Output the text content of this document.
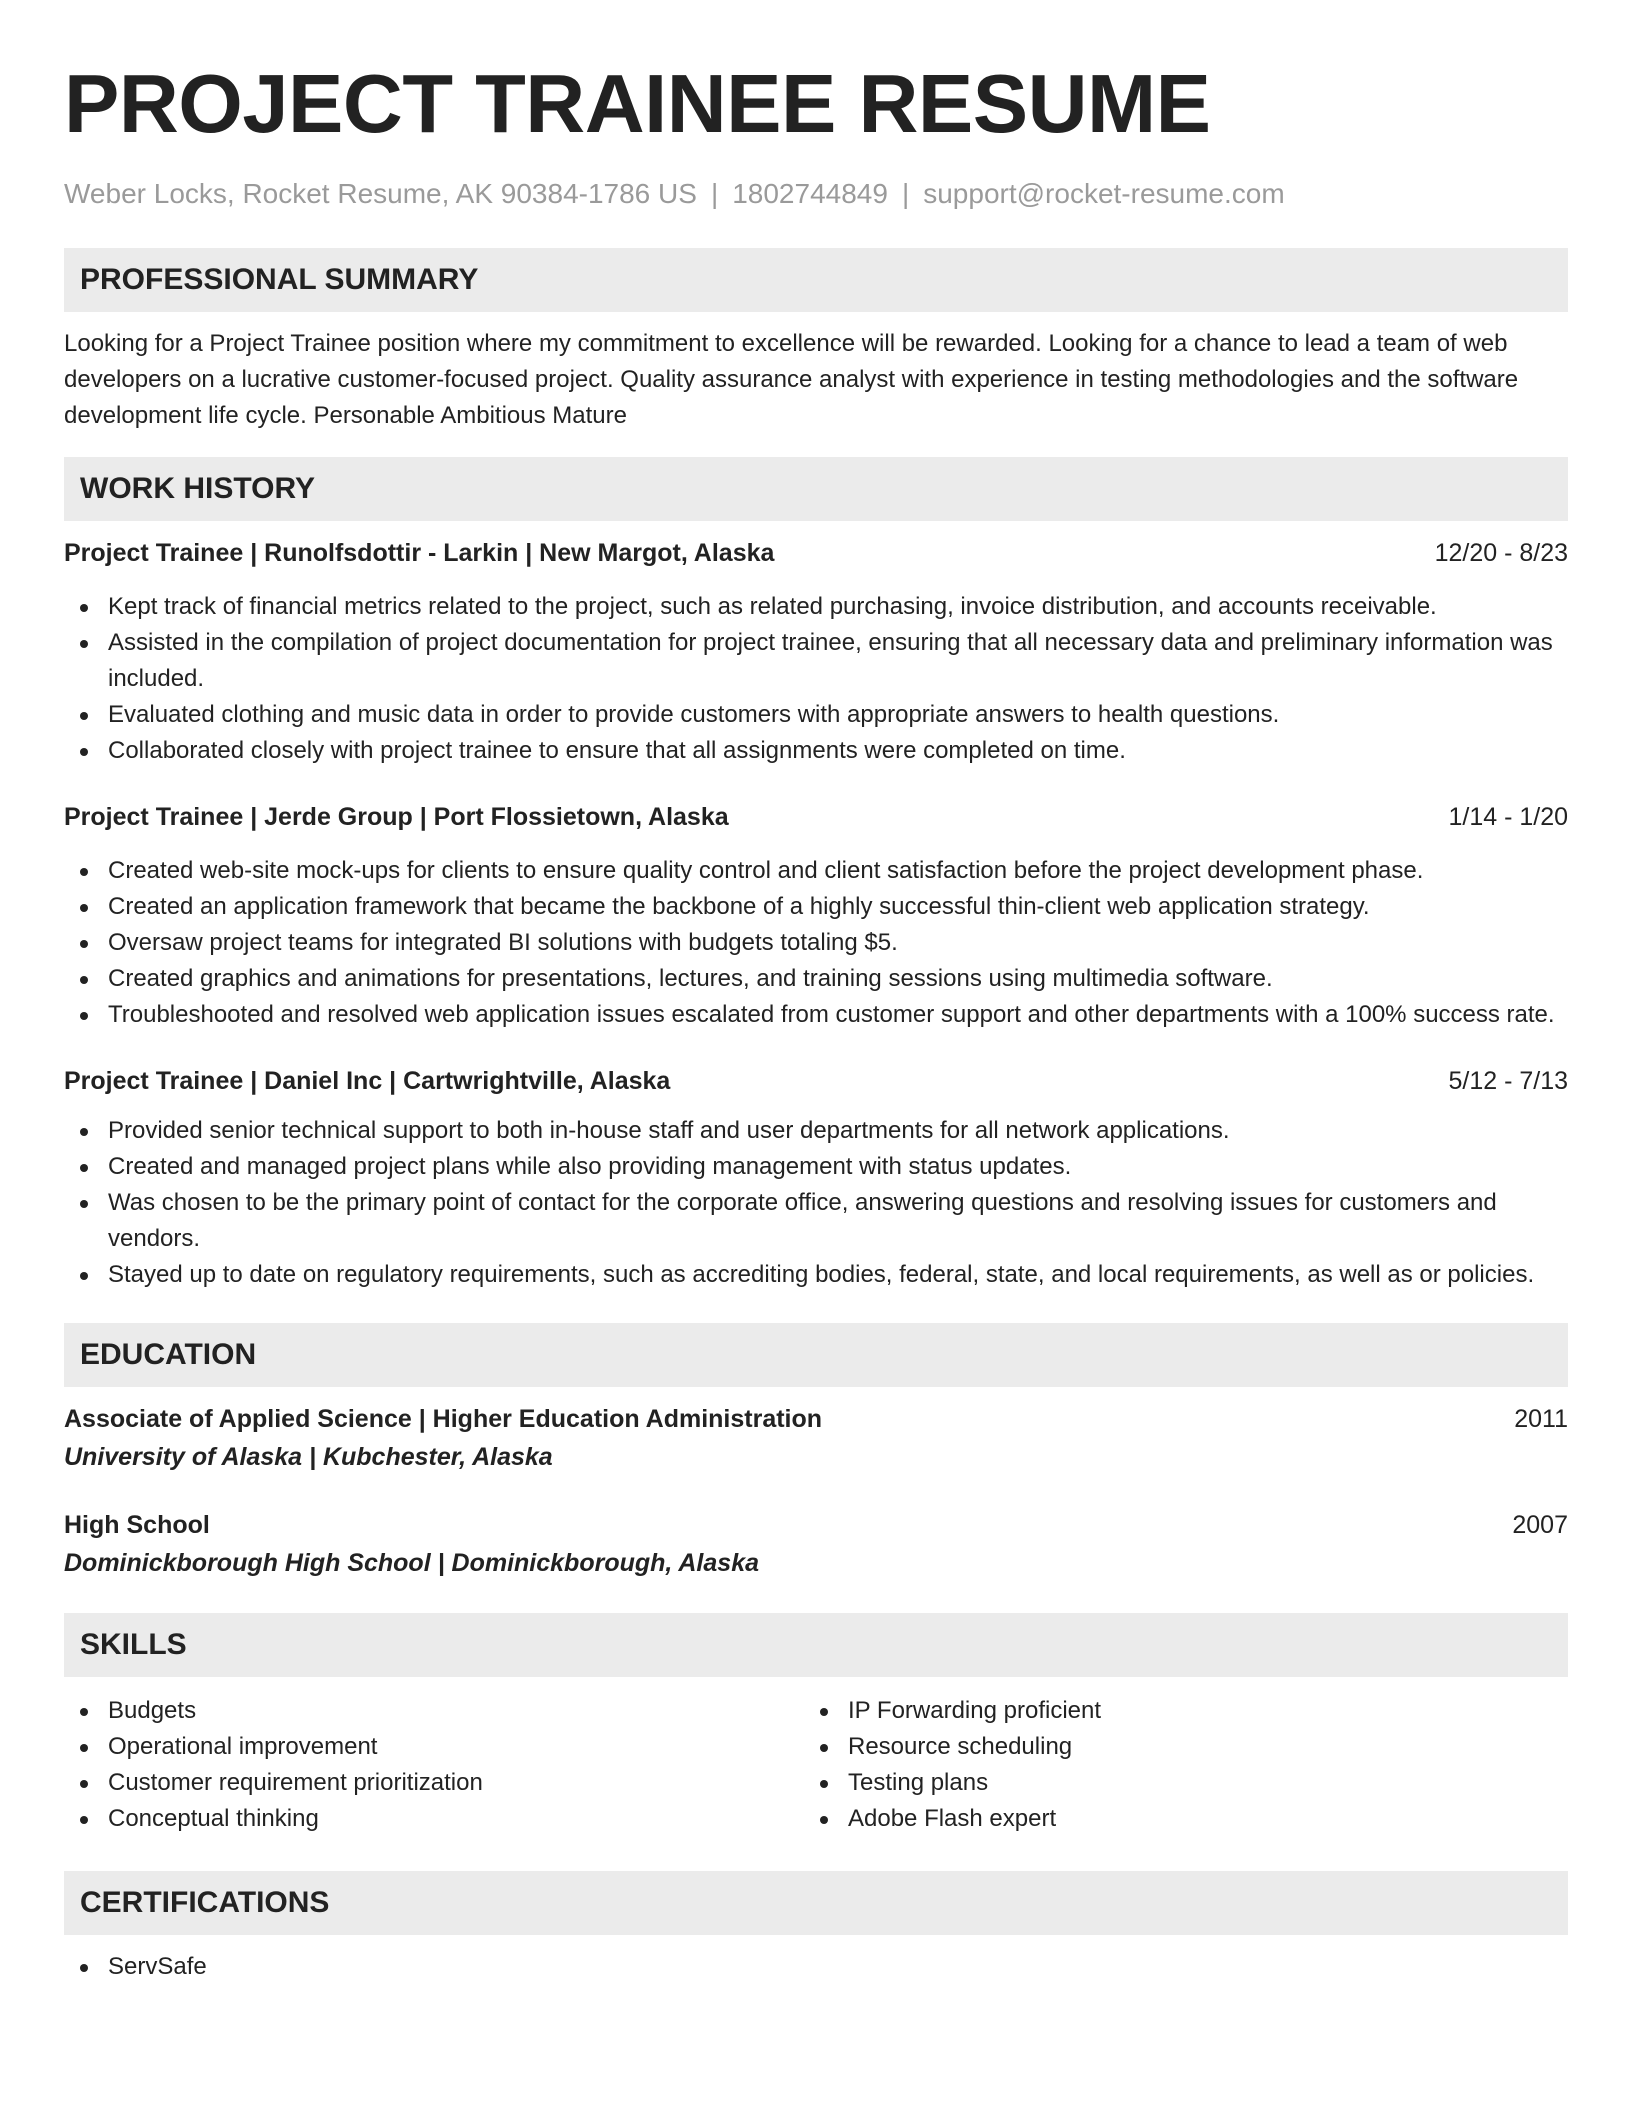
PROJECT TRAINEE RESUME
Weber Locks, Rocket Resume, AK 90384-1786 US | 1802744849 | support@rocket-resume.com
PROFESSIONAL SUMMARY
Looking for a Project Trainee position where my commitment to excellence will be rewarded. Looking for a chance to lead a team of web developers on a lucrative customer-focused project. Quality assurance analyst with experience in testing methodologies and the software development life cycle. Personable Ambitious Mature
WORK HISTORY
Project Trainee | Runolfsdottir - Larkin | New Margot, Alaska	12/20 - 8/23
Kept track of financial metrics related to the project, such as related purchasing, invoice distribution, and accounts receivable.
Assisted in the compilation of project documentation for project trainee, ensuring that all necessary data and preliminary information was included.
Evaluated clothing and music data in order to provide customers with appropriate answers to health questions.
Collaborated closely with project trainee to ensure that all assignments were completed on time.
Project Trainee | Jerde Group | Port Flossietown, Alaska	1/14 - 1/20
Created web-site mock-ups for clients to ensure quality control and client satisfaction before the project development phase.
Created an application framework that became the backbone of a highly successful thin-client web application strategy.
Oversaw project teams for integrated BI solutions with budgets totaling $5.
Created graphics and animations for presentations, lectures, and training sessions using multimedia software.
Troubleshooted and resolved web application issues escalated from customer support and other departments with a 100% success rate.
Project Trainee | Daniel Inc | Cartwrightville, Alaska	5/12 - 7/13
Provided senior technical support to both in-house staff and user departments for all network applications.
Created and managed project plans while also providing management with status updates.
Was chosen to be the primary point of contact for the corporate office, answering questions and resolving issues for customers and vendors.
Stayed up to date on regulatory requirements, such as accrediting bodies, federal, state, and local requirements, as well as or policies.
EDUCATION
Associate of Applied Science | Higher Education Administration	2011
University of Alaska | Kubchester, Alaska
High School	2007
Dominickborough High School | Dominickborough, Alaska
SKILLS
Budgets
Operational improvement
Customer requirement prioritization
Conceptual thinking
IP Forwarding proficient
Resource scheduling
Testing plans
Adobe Flash expert
CERTIFICATIONS
ServSafe
